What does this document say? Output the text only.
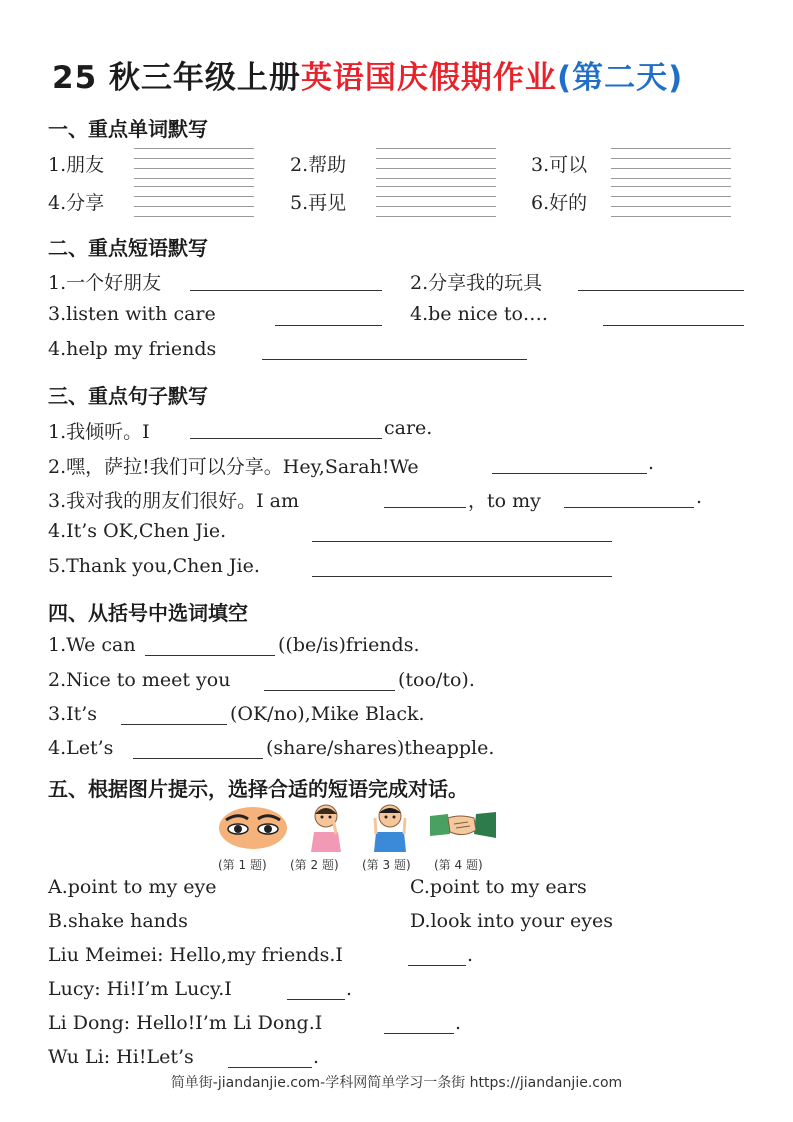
25 秋三年级上册英语国庆假期作业(第二天)
一、重点单词默写
1.朋友	2.帮助	3.可以
4.分享	5.再见	6.好的
二、重点短语默写
1.一个好朋友	2.分享我的玩具
3.listen with care	4.be nice to….
4.help my friends
三、重点句子默写
1.我倾听。I	care.
2.嘿，萨拉!我们可以分享。Hey,Sarah!We	.
3.我对我的朋友们很好。I am	，to my	.
4.It’s OK,Chen Jie.
5.Thank you,Chen Jie.
四、从括号中选词填空
1.We can	((be/is)friends.
2.Nice to meet you	(too/to).
3.It’s	(OK/no),Mike Black.
4.Let’s	(share/shares)theapple.
五、根据图片提示，选择合适的短语完成对话。
(第 1 题) (第 2 题) (第 3 题) (第 4 题)
A.point to my eye	C.point to my ears
B.shake hands	D.look into your eyes
Liu Meimei: Hello,my friends.I	.
Lucy: Hi!I’m Lucy.I	.
Li Dong: Hello!I’m Li Dong.I	.
Wu Li: Hi!Let’s	.
简单街-jiandanjie.com-学科网简单学习一条街 https://jiandanjie.com
